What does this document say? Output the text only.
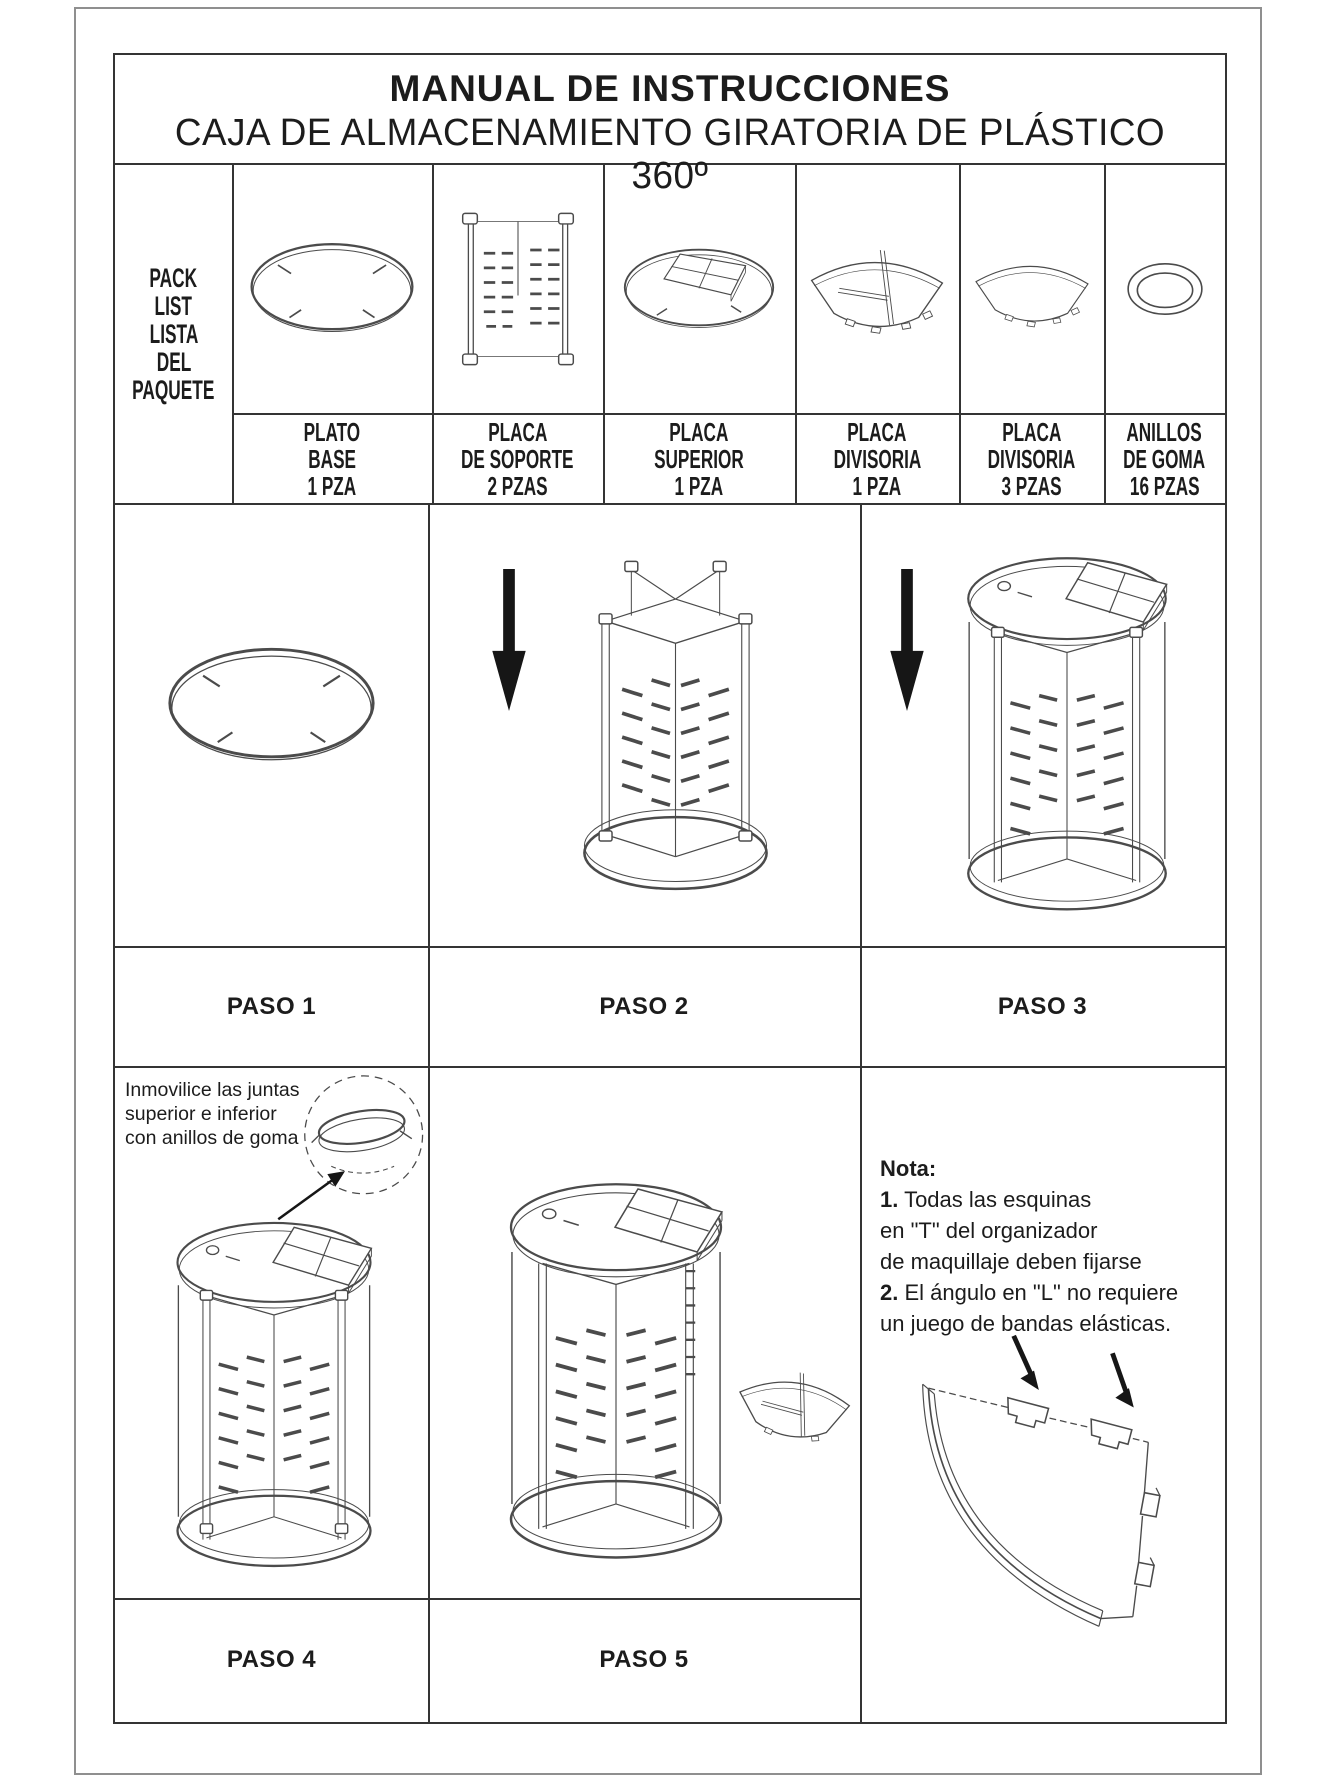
MANUAL DE INSTRUCCIONES
CAJA DE ALMACENAMIENTO GIRATORIA DE PLÁSTICO 360º
PACK
LIST
LISTA
DEL
PAQUETE
PLATO
BASE
1 PZA
PLACA
DE SOPORTE
2 PZAS
PLACA
SUPERIOR
1 PZA
PLACA
DIVISORIA
1 PZA
PLACA
DIVISORIA
3 PZAS
ANILLOS
DE GOMA
16 PZAS
PASO 1	PASO 2	PASO 3
Inmovilice las juntas
superior e inferior
con anillos de goma
Nota:
1. Todas las esquinas
en "T" del organizador
de maquillaje deben fijarse
2. El ángulo en "L" no requiere
un juego de bandas elásticas.
PASO 4	PASO 5
